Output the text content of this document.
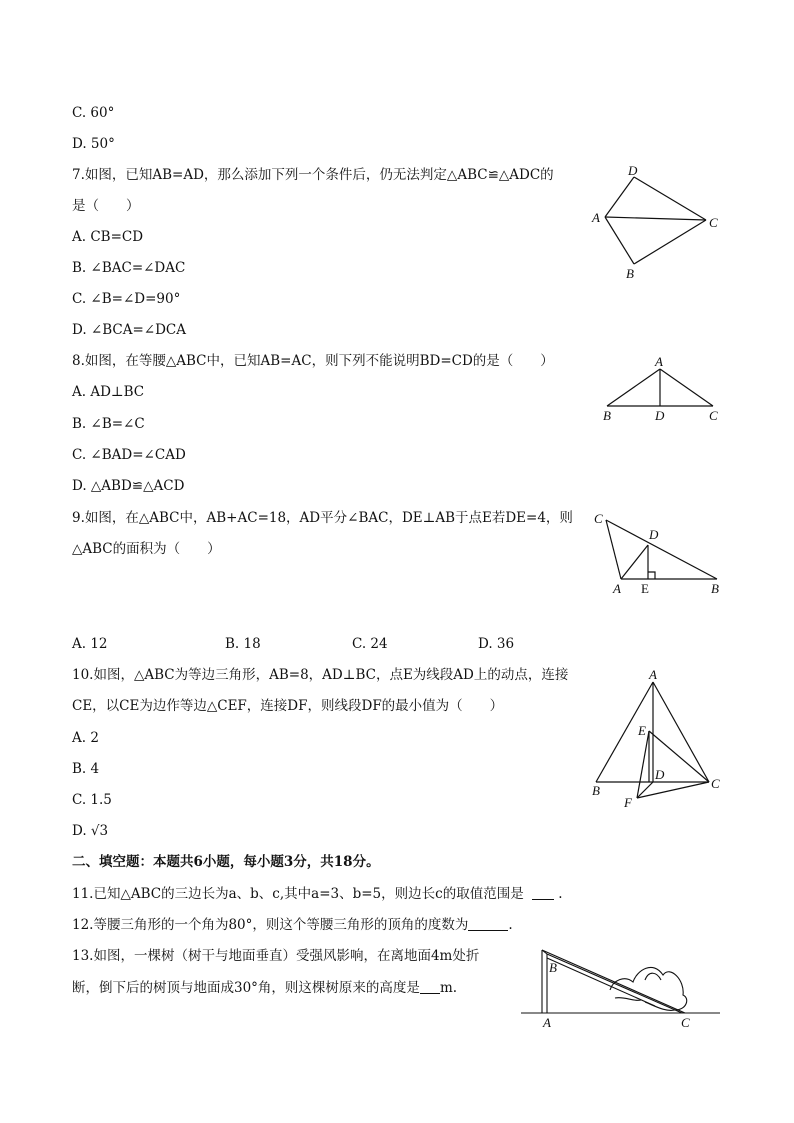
C. 60°
D. 50°
7.如图，已知AB=AD，那么添加下列一个条件后，仍无法判定△ABC≌△ADC的
是（　　）
A. CB=CD
B. ∠BAC=∠DAC
C. ∠B=∠D=90°
D. ∠BCA=∠DCA
D
A	C
B
8.如图，在等腰△ABC中，已知AB=AC，则下列不能说明BD=CD的是（　　）
A. AD⊥BC
B. ∠B=∠C
C. ∠BAD=∠CAD
D. △ABD≌△ACD
A
B	D	C
9.如图，在△ABC中，AB+AC=18，AD平分∠BAC，DE⊥AB于点E若DE=4，则
△ABC的面积为（　　）
C
D
A E	B
A. 12	B. 18	C. 24	D. 36
10.如图，△ABC为等边三角形，AB=8，AD⊥BC，点E为线段AD上的动点，连接
CE，以CE为边作等边△CEF，连接DF，则线段DF的最小值为（　　）
A. 2
B. 4
C. 1.5
D. √3
A
E
D
B	C
F
二、填空题：本题共6小题，每小题3分，共18分。
11.已知△ABC的三边长为a、b、c,其中a=3、b=5，则边长c的取值范围是	.
12.等腰三角形的一个角为80°，则这个等腰三角形的顶角的度数为	.
13.如图，一棵树（树干与地面垂直）受强风影响，在离地面4m处折
断，倒下后的树顶与地面成30°角，则这棵树原来的高度是 m.
B
A	C
